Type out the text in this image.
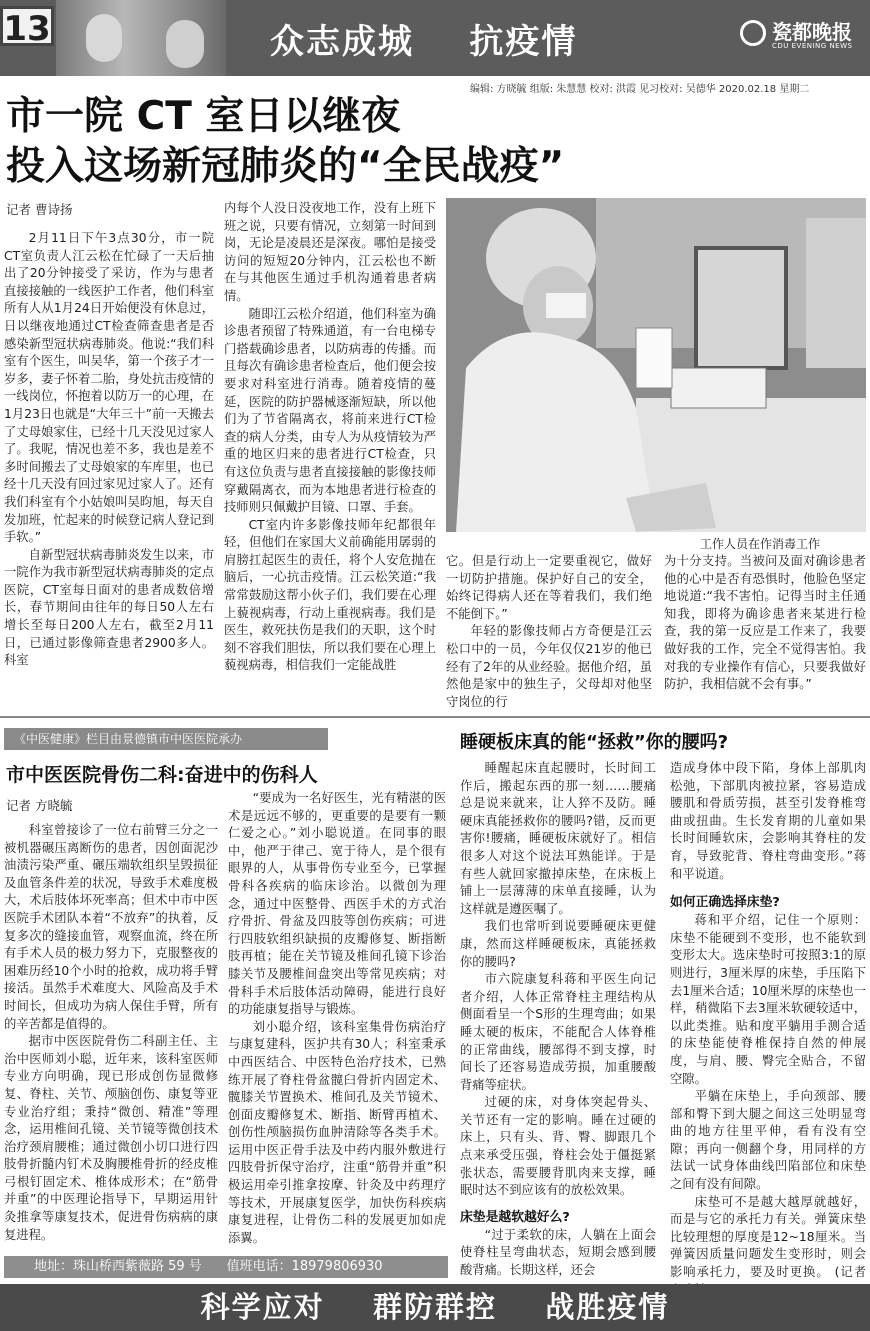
13	众志成城    抗疫情	瓷都晚报
CDU EVENING NEWS
编辑: 方晓毓 组版: 朱慧慧 校对: 洪霞 见习校对: 吴德华 2020.02.18 星期二
市一院 CT 室日以继夜
投入这场新冠肺炎的“全民战疫”
记者 曹诗扬

2月11日下午3点30分，市一院CT室负责人江云松在忙碌了一天后抽出了20分钟接受了采访，作为与患者直接接触的一线医护工作者，他们科室所有人从1月24日开始便没有休息过，日以继夜地通过CT检查筛查患者是否感染新型冠状病毒肺炎。他说:“我们科室有个医生，叫吴华，第一个孩子才一岁多，妻子怀着二胎，身处抗击疫情的一线岗位，怀抱着以防万一的心理，在1月23日也就是“大年三十”前一天搬去了丈母娘家住，已经十几天没见过家人了。我呢，情况也差不多，我也是差不多时间搬去了丈母娘家的车库里，也已经十几天没有回过家见过家人了。还有我们科室有个小姑娘叫吴昀旭，每天自发加班，忙起来的时候登记病人登记到手软。”

自新型冠状病毒肺炎发生以来，市一院作为我市新型冠状病毒肺炎的定点医院，CT室每日面对的患者成数倍增长，春节期间由往年的每日50人左右增长至每日200人左右，截至2月11日，已通过影像筛查患者2900多人。科室

内每个人没日没夜地工作，没有上班下班之说，只要有情况，立刻第一时间到岗，无论是凌晨还是深夜。哪怕是接受访问的短短20分钟内，江云松也不断在与其他医生通过手机沟通着患者病情。

随即江云松介绍道，他们科室为确诊患者预留了特殊通道，有一台电梯专门搭载确诊患者，以防病毒的传播。而且每次有确诊患者检查后，他们便会按要求对科室进行消毒。随着疫情的蔓延，医院的防护器械逐渐短缺，所以他们为了节省隔离衣，将前来进行CT检查的病人分类，由专人为从疫情较为严重的地区归来的患者进行CT检查，只有这位负责与患者直接接触的影像技师穿戴隔离衣，而为本地患者进行检查的技师则只佩戴护目镜、口罩、手套。

CT室内许多影像技师年纪都很年轻，但他们在家国大义前确能用孱弱的肩膀扛起医生的责任，将个人安危抛在脑后，一心抗击疫情。江云松笑道:“我常常鼓励这帮小伙子们，我们要在心理上藐视病毒，行动上重视病毒。我们是医生，救死扶伤是我们的天职，这个时刻不容我们胆怯，所以我们要在心理上藐视病毒，相信我们一定能战胜

工作人员在作消毒工作

它。但是行动上一定要重视它，做好一切防护措施。保护好自己的安全，始终记得病人还在等着我们，我们绝不能倒下。”

年轻的影像技师占方奇便是江云松口中的一员，今年仅仅21岁的他已经有了2年的从业经验。据他介绍，虽然他是家中的独生子，父母却对他坚守岗位的行

为十分支持。当被问及面对确诊患者他的心中是否有恐惧时，他脸色坚定地说道:“我不害怕。记得当时主任通知我，即将为确诊患者来某进行检查，我的第一反应是工作来了，我要做好我的工作，完全不觉得害怕。我对我的专业操作有信心，只要我做好防护，我相信就不会有事。”

《中医健康》栏目由景德镇市中医医院承办
市中医医院骨伤二科:奋进中的伤科人
记者 方晓毓

科室曾接诊了一位右前臂三分之一被机器碾压离断伤的患者，因创面泥沙油渍污染严重、碾压端软组织呈毁损征及血管条件差的状况，导致手术难度极大，术后肢体坏死率高；但术中市中医医院手术团队本着“不放弃”的执着，反复多次的缝接血管，观察血流，终在所有手术人员的极力努力下，克服整夜的困难历经10个小时的抢救，成功将手臂接活。虽然手术难度大、风险高及手术时间长，但成功为病人保住手臂，所有的辛苦都是值得的。

据市中医医院骨伤二科副主任、主治中医师刘小聪，近年来，该科室医师专业方向明确，现已形成创伤显微修复、脊柱、关节、颅脑创伤、康复等亚专业治疗组；秉持“微创、精准”等理念，运用椎间孔镜、关节镜等微创技术治疗颈肩腰椎；通过微创小切口进行四肢骨折髓内钉术及胸腰椎骨折的经皮椎弓根钉固定术、椎体成形术；在“筋骨并重”的中医理论指导下，早期运用针灸推拿等康复技术，促进骨伤病病的康复进程。

“要成为一名好医生，光有精湛的医术是远远不够的，更重要的是要有一颗仁爱之心。”刘小聪说道。在同事的眼中，他严于律己、宽于待人，是个很有眼界的人，从事骨伤专业至今，已掌握骨科各疾病的临床诊治。以微创为理念，通过中医整骨、西医手术的方式治疗骨折、骨盆及四肢等创伤疾病；可进行四肢软组织缺损的皮瓣修复、断指断肢再植；能在关节镜及椎间孔镜下诊治膝关节及腰椎间盘突出等常见疾病；对骨科手术后肢体活动障碍，能进行良好的功能康复指导与锻炼。

刘小聪介绍，该科室集骨伤病治疗与康复建科，医护共有30人；科室秉承中西医结合、中医特色治疗技术，已熟练开展了脊柱骨盆髋臼骨折内固定术、髋膝关节置换术、椎间孔及关节镜术、创面皮瓣修复术、断指、断臂再植术、创伤性颅脑损伤血肿清除等各类手术。运用中医正骨手法及中药内服外敷进行四肢骨折保守治疗，注重“筋骨并重”积极运用牵引推拿按摩、针灸及中药理疗等技术，开展康复医学，加快伤科疾病康复进程，让骨伤二科的发展更加如虎添翼。

睡硬板床真的能“拯救”你的腰吗?

睡醒起床直起腰时，长时间工作后，搬起东西的那一刻……腰痛总是说来就来，让人猝不及防。睡硬床真能拯救你的腰吗?错，反而更害你!腰痛，睡硬板床就好了。相信很多人对这个说法耳熟能详。于是有些人就回家撤掉床垫，在床板上铺上一层薄薄的床单直接睡，认为这样就是遵医嘱了。

我们也常听到说要睡硬床更健康，然而这样睡硬板床，真能拯救你的腰吗?

市六院康复科蒋和平医生向记者介绍，人体正常脊柱主理结构从侧面看呈一个S形的生理弯曲；如果睡太硬的板床，不能配合人体脊椎的正常曲线，腰部得不到支撑，时间长了还容易造成劳损，加重腰酸背痛等症状。

过硬的床，对身体突起骨头、关节还有一定的影响。睡在过硬的床上，只有头、背、臀、脚跟几个点来承受压强，脊柱会处于僵挺紧张状态，需要腰背肌肉来支撑，睡眠时达不到应该有的放松效果。

床垫是越软越好么?

“过于柔软的床，人躺在上面会使脊柱呈弯曲状态，短期会感到腰酸背痛。长期这样，还会

造成身体中段下陷，身体上部肌肉松弛，下部肌肉被拉紧，容易造成腰肌和骨质劳损，甚至引发脊椎弯曲或扭曲。生长发育期的儿童如果长时间睡软床，会影响其脊柱的发育，导致驼背、脊柱弯曲变形。”蒋和平说道。

如何正确选择床垫?

蒋和平介绍，记住一个原则：床垫不能硬到不变形，也不能软到变形太大。选床垫时可按照3:1的原则进行，3厘米厚的床垫，手压陷下去1厘米合适；10厘米厚的床垫也一样，稍微陷下去3厘米软硬较适中，以此类推。贴和度平躺用手测合适的床垫能使脊椎保持自然的伸展度，与肩、腰、臀完全贴合，不留空隙。

平躺在床垫上，手向颈部、腰部和臀下到大腿之间这三处明显弯曲的地方往里平伸，看有没有空隙；再向一侧翻个身，用同样的方法试一试身体曲线凹陷部位和床垫之间有没有间隙。

床垫可不是越大越厚就越好，而是与它的承托力有关。弹簧床垫比较理想的厚度是12~18厘米。当弹簧因质量问题发生变形时，则会影响承托力，要及时更换。 (记者

地址：珠山桥西紫薇路 59 号      值班电话：18979806930
科学应对    群防群控    战胜疫情
